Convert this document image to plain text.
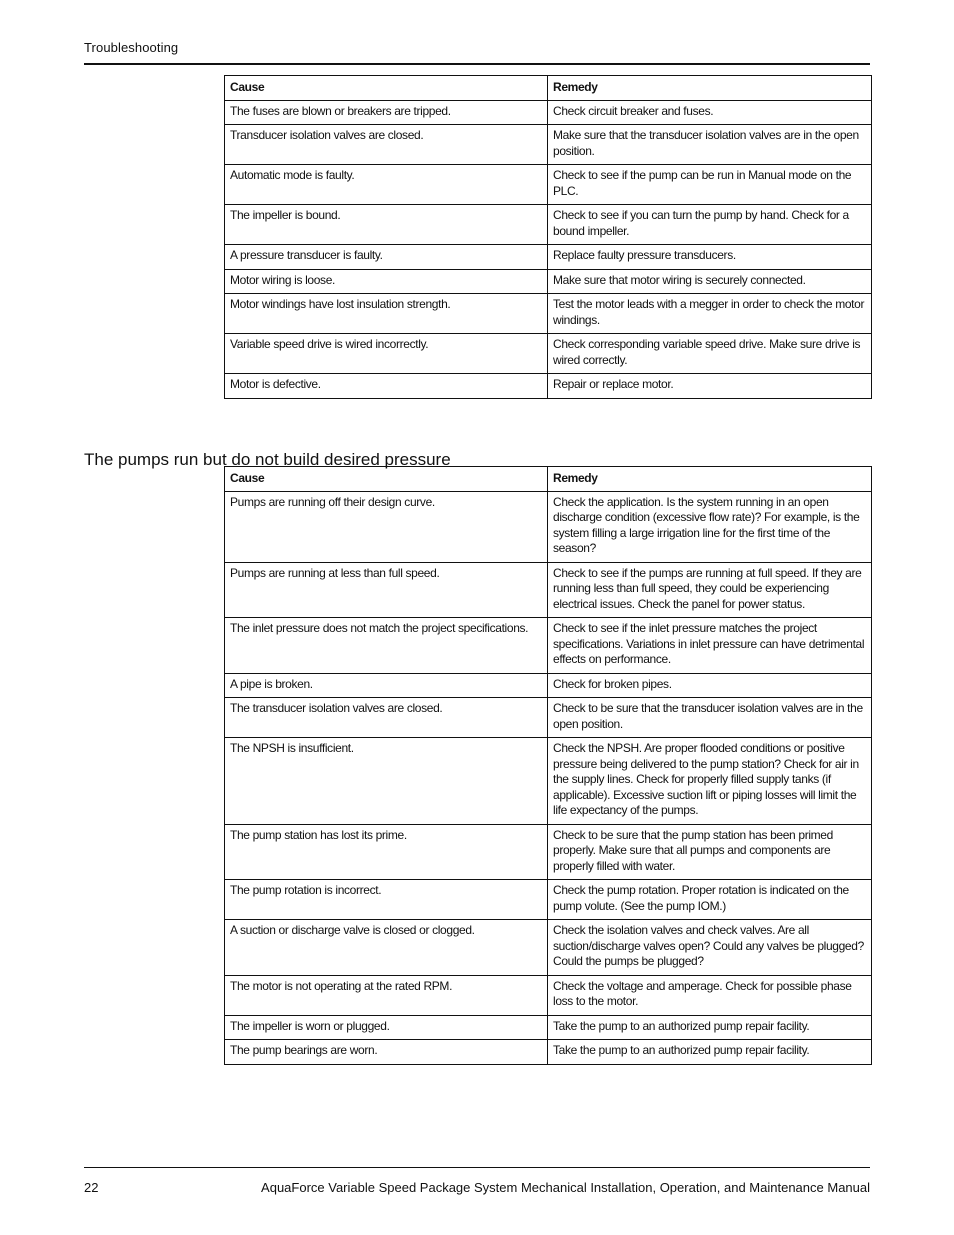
Troubleshooting
Cause	Remedy
The fuses are blown or breakers are tripped.	Check circuit breaker and fuses.
Transducer isolation valves are closed.	Make sure that the transducer isolation valves are in the open position.
Automatic mode is faulty.	Check to see if the pump can be run in Manual mode on the PLC.
The impeller is bound.	Check to see if you can turn the pump by hand. Check for a bound impeller.
A pressure transducer is faulty.	Replace faulty pressure transducers.
Motor wiring is loose.	Make sure that motor wiring is securely connected.
Motor windings have lost insulation strength.	Test the motor leads with a megger in order to check the motor windings.
Variable speed drive is wired incorrectly.	Check corresponding variable speed drive. Make sure drive is wired correctly.
Motor is defective.	Repair or replace motor.
The pumps run but do not build desired pressure
Cause	Remedy
Pumps are running off their design curve.	Check the application. Is the system running in an open discharge condition (excessive flow rate)? For example, is the system filling a large irrigation line for the first time of the season?
Pumps are running at less than full speed.	Check to see if the pumps are running at full speed. If they are running less than full speed, they could be experiencing electrical issues. Check the panel for power status.
The inlet pressure does not match the project specifications.	Check to see if the inlet pressure matches the project specifications. Variations in inlet pressure can have detrimental effects on performance.
A pipe is broken.	Check for broken pipes.
The transducer isolation valves are closed.	Check to be sure that the transducer isolation valves are in the open position.
The NPSH is insufficient.	Check the NPSH. Are proper flooded conditions or positive pressure being delivered to the pump station? Check for air in the supply lines. Check for properly filled supply tanks (if applicable). Excessive suction lift or piping losses will limit the life expectancy of the pumps.
The pump station has lost its prime.	Check to be sure that the pump station has been primed properly. Make sure that all pumps and components are properly filled with water.
The pump rotation is incorrect.	Check the pump rotation. Proper rotation is indicated on the pump volute. (See the pump IOM.)
A suction or discharge valve is closed or clogged.	Check the isolation valves and check valves. Are all suction/discharge valves open? Could any valves be plugged? Could the pumps be plugged?
The motor is not operating at the rated RPM.	Check the voltage and amperage. Check for possible phase loss to the motor.
The impeller is worn or plugged.	Take the pump to an authorized pump repair facility.
The pump bearings are worn.	Take the pump to an authorized pump repair facility.
22	AquaForce Variable Speed Package System Mechanical Installation, Operation, and Maintenance Manual
